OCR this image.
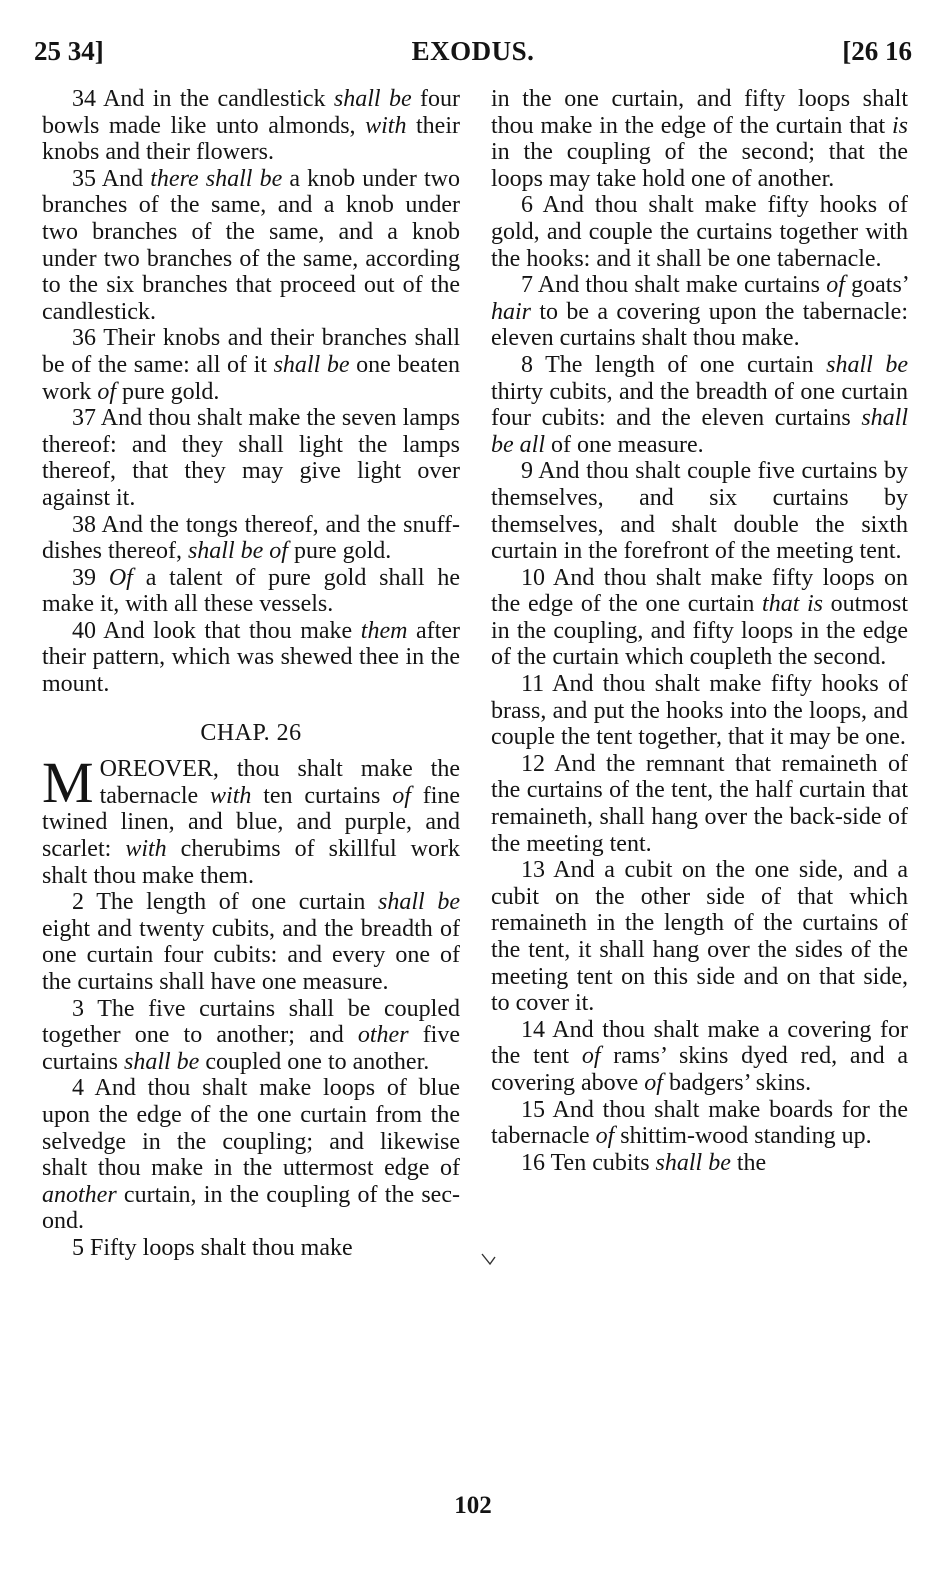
25 34]	EXODUS.	[26 16

34 And in the candlestick shall be four bowls made like unto almonds, with their knobs and their flowers.

35 And there shall be a knob under two branches of the same, and a knob under two branches of the same, and a knob under two branches of the same, according to the six branches that proceed out of the candlestick.

36 Their knobs and their branches shall be of the same: all of it shall be one beaten work of pure gold.

37 And thou shalt make the seven lamps thereof: and they shall light the lamps thereof, that they may give light over against it.

38 And the tongs thereof, and the snuff-dishes thereof, shall be of pure gold.

39 Of a talent of pure gold shall he make it, with all these vessels.

40 And look that thou make them after their pattern, which was shewed thee in the mount.

CHAP. 26

M OREOVER, thou shalt make the tabernacle with ten curtains of fine twined linen, and blue, and purple, and scarlet: with cherubims of skillful work shalt thou make them.

2 The length of one curtain shall be eight and twenty cubits, and the breadth of one curtain four cubits: and every one of the curtains shall have one measure.

3 The five curtains shall be coupled together one to another; and other five curtains shall be coupled one to another.

4 And thou shalt make loops of blue upon the edge of the one curtain from the selvedge in the coupling; and likewise shalt thou make in the uttermost edge of another curtain, in the coupling of the second.

5 Fifty loops shalt thou make

in the one curtain, and fifty loops shalt thou make in the edge of the curtain that is in the coupling of the second; that the loops may take hold one of another.

6 And thou shalt make fifty hooks of gold, and couple the curtains together with the hooks: and it shall be one tabernacle.

7 And thou shalt make curtains of goats’ hair to be a covering upon the tabernacle: eleven curtains shalt thou make.

8 The length of one curtain shall be thirty cubits, and the breadth of one curtain four cubits: and the eleven curtains shall be all of one measure.

9 And thou shalt couple five curtains by themselves, and six curtains by themselves, and shalt double the sixth curtain in the forefront of the meeting tent.

10 And thou shalt make fifty loops on the edge of the one curtain that is outmost in the coupling, and fifty loops in the edge of the curtain which coupleth the second.

11 And thou shalt make fifty hooks of brass, and put the hooks into the loops, and couple the tent together, that it may be one.

12 And the remnant that remaineth of the curtains of the tent, the half curtain that remaineth, shall hang over the back-side of the meeting tent.

13 And a cubit on the one side, and a cubit on the other side of that which remaineth in the length of the curtains of the tent, it shall hang over the sides of the meeting tent on this side and on that side, to cover it.

14 And thou shalt make a covering for the tent of rams’ skins dyed red, and a covering above of badgers’ skins.

15 And thou shalt make boards for the tabernacle of shittim-wood standing up.

16 Ten cubits shall be the

102
